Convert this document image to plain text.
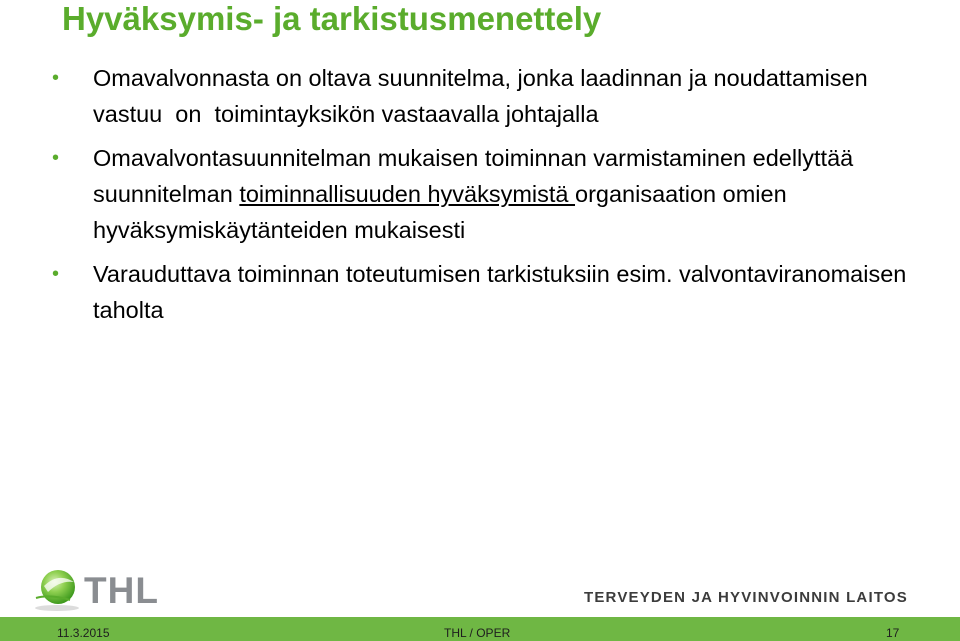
Hyväksymis- ja tarkistusmenettely
• Omavalvonnasta on oltava suunnitelma, jonka laadinnan ja noudattamisen vastuu  on  toimintayksikön vastaavalla johtajalla
• Omavalvontasuunnitelman mukaisen toiminnan varmistaminen edellyttää suunnitelman toiminnallisuuden hyväksymistä organisaation omien hyväksymiskäytänteiden mukaisesti
• Varauduttava toiminnan toteutumisen tarkistuksiin esim. valvontaviranomaisen taholta
THL	TERVEYDEN JA HYVINVOINNIN LAITOS
11.3.2015	THL / OPER	17
